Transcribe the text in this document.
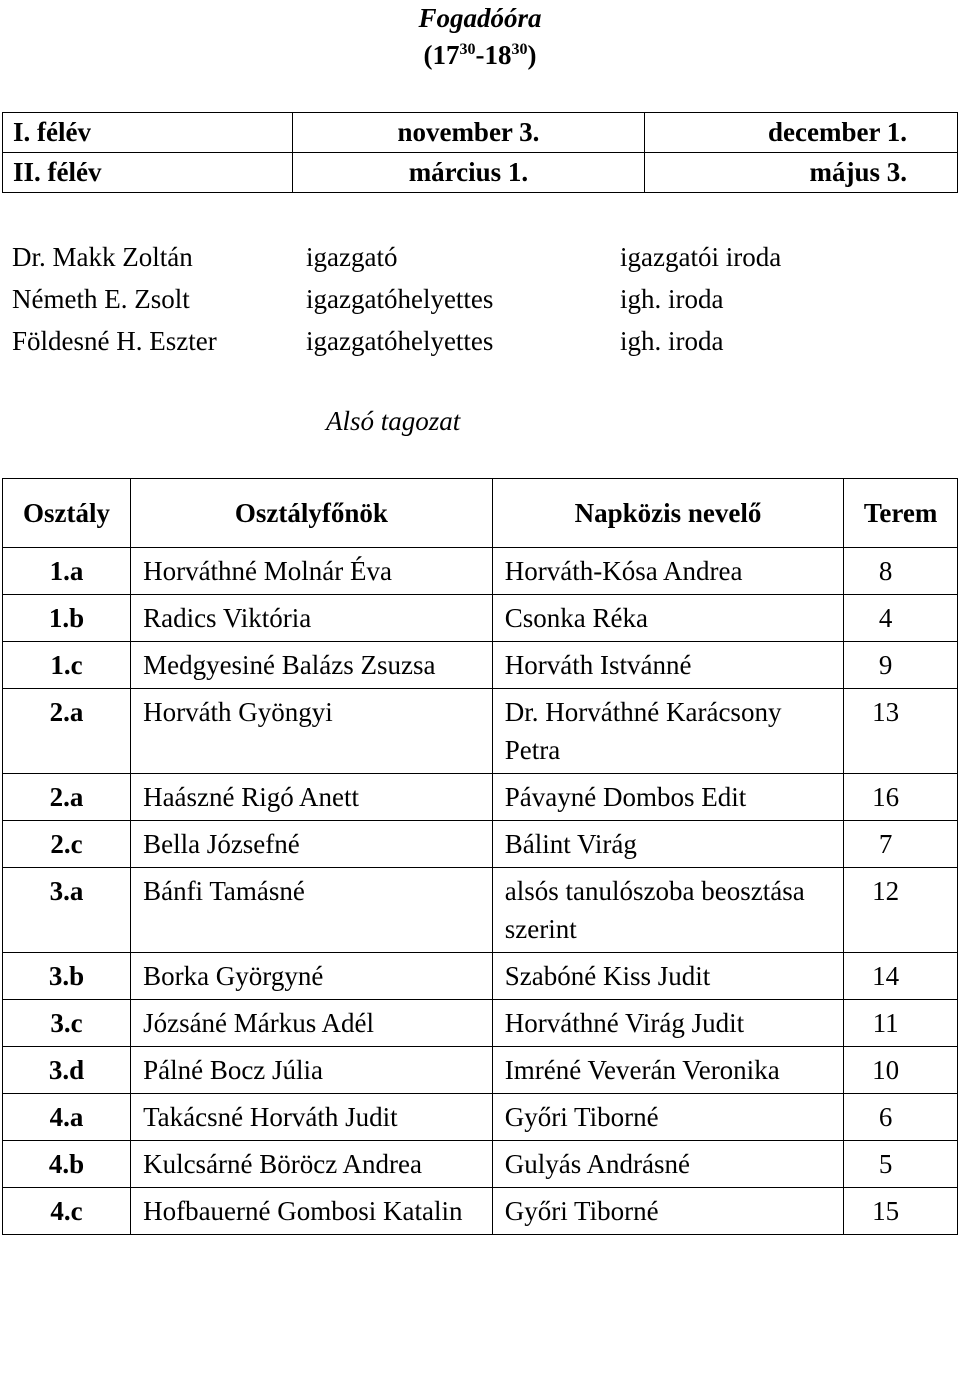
Fogadóóra
$(17^{30}-18^{30})$
I. félév	november 3.	december 1.
II. félév	március 1.	május 3.
Dr. Makk Zoltán	igazgató	igazgatói iroda
Németh E. Zsolt	igazgatóhelyettes	igh. iroda
Földesné H. Eszter	igazgatóhelyettes	igh. iroda
Alsó tagozat
Osztály	Osztályfőnök	Napközis nevelő	Terem
1.a	Horváthné Molnár Éva	Horváth-Kósa Andrea	8
1.b	Radics Viktória	Csonka Réka	4
1.c	Medgyesiné Balázs Zsuzsa	Horváth Istvánné	9
2.a	Horváth Gyöngyi	Dr. Horváthné Karácsony Petra	13
2.a	Haászné Rigó Anett	Pávayné Dombos Edit	16
2.c	Bella Józsefné	Bálint Virág	7
3.a	Bánfi Tamásné	alsós tanulószoba beosztása szerint	12
3.b	Borka Györgyné	Szabóné Kiss Judit	14
3.c	Józsáné Márkus Adél	Horváthné Virág Judit	11
3.d	Pálné Bocz Júlia	Imréné Veverán Veronika	10
4.a	Takácsné Horváth Judit	Győri Tiborné	6
4.b	Kulcsárné Böröcz Andrea	Gulyás Andrásné	5
4.c	Hofbauerné Gombosi Katalin	Győri Tiborné	15
